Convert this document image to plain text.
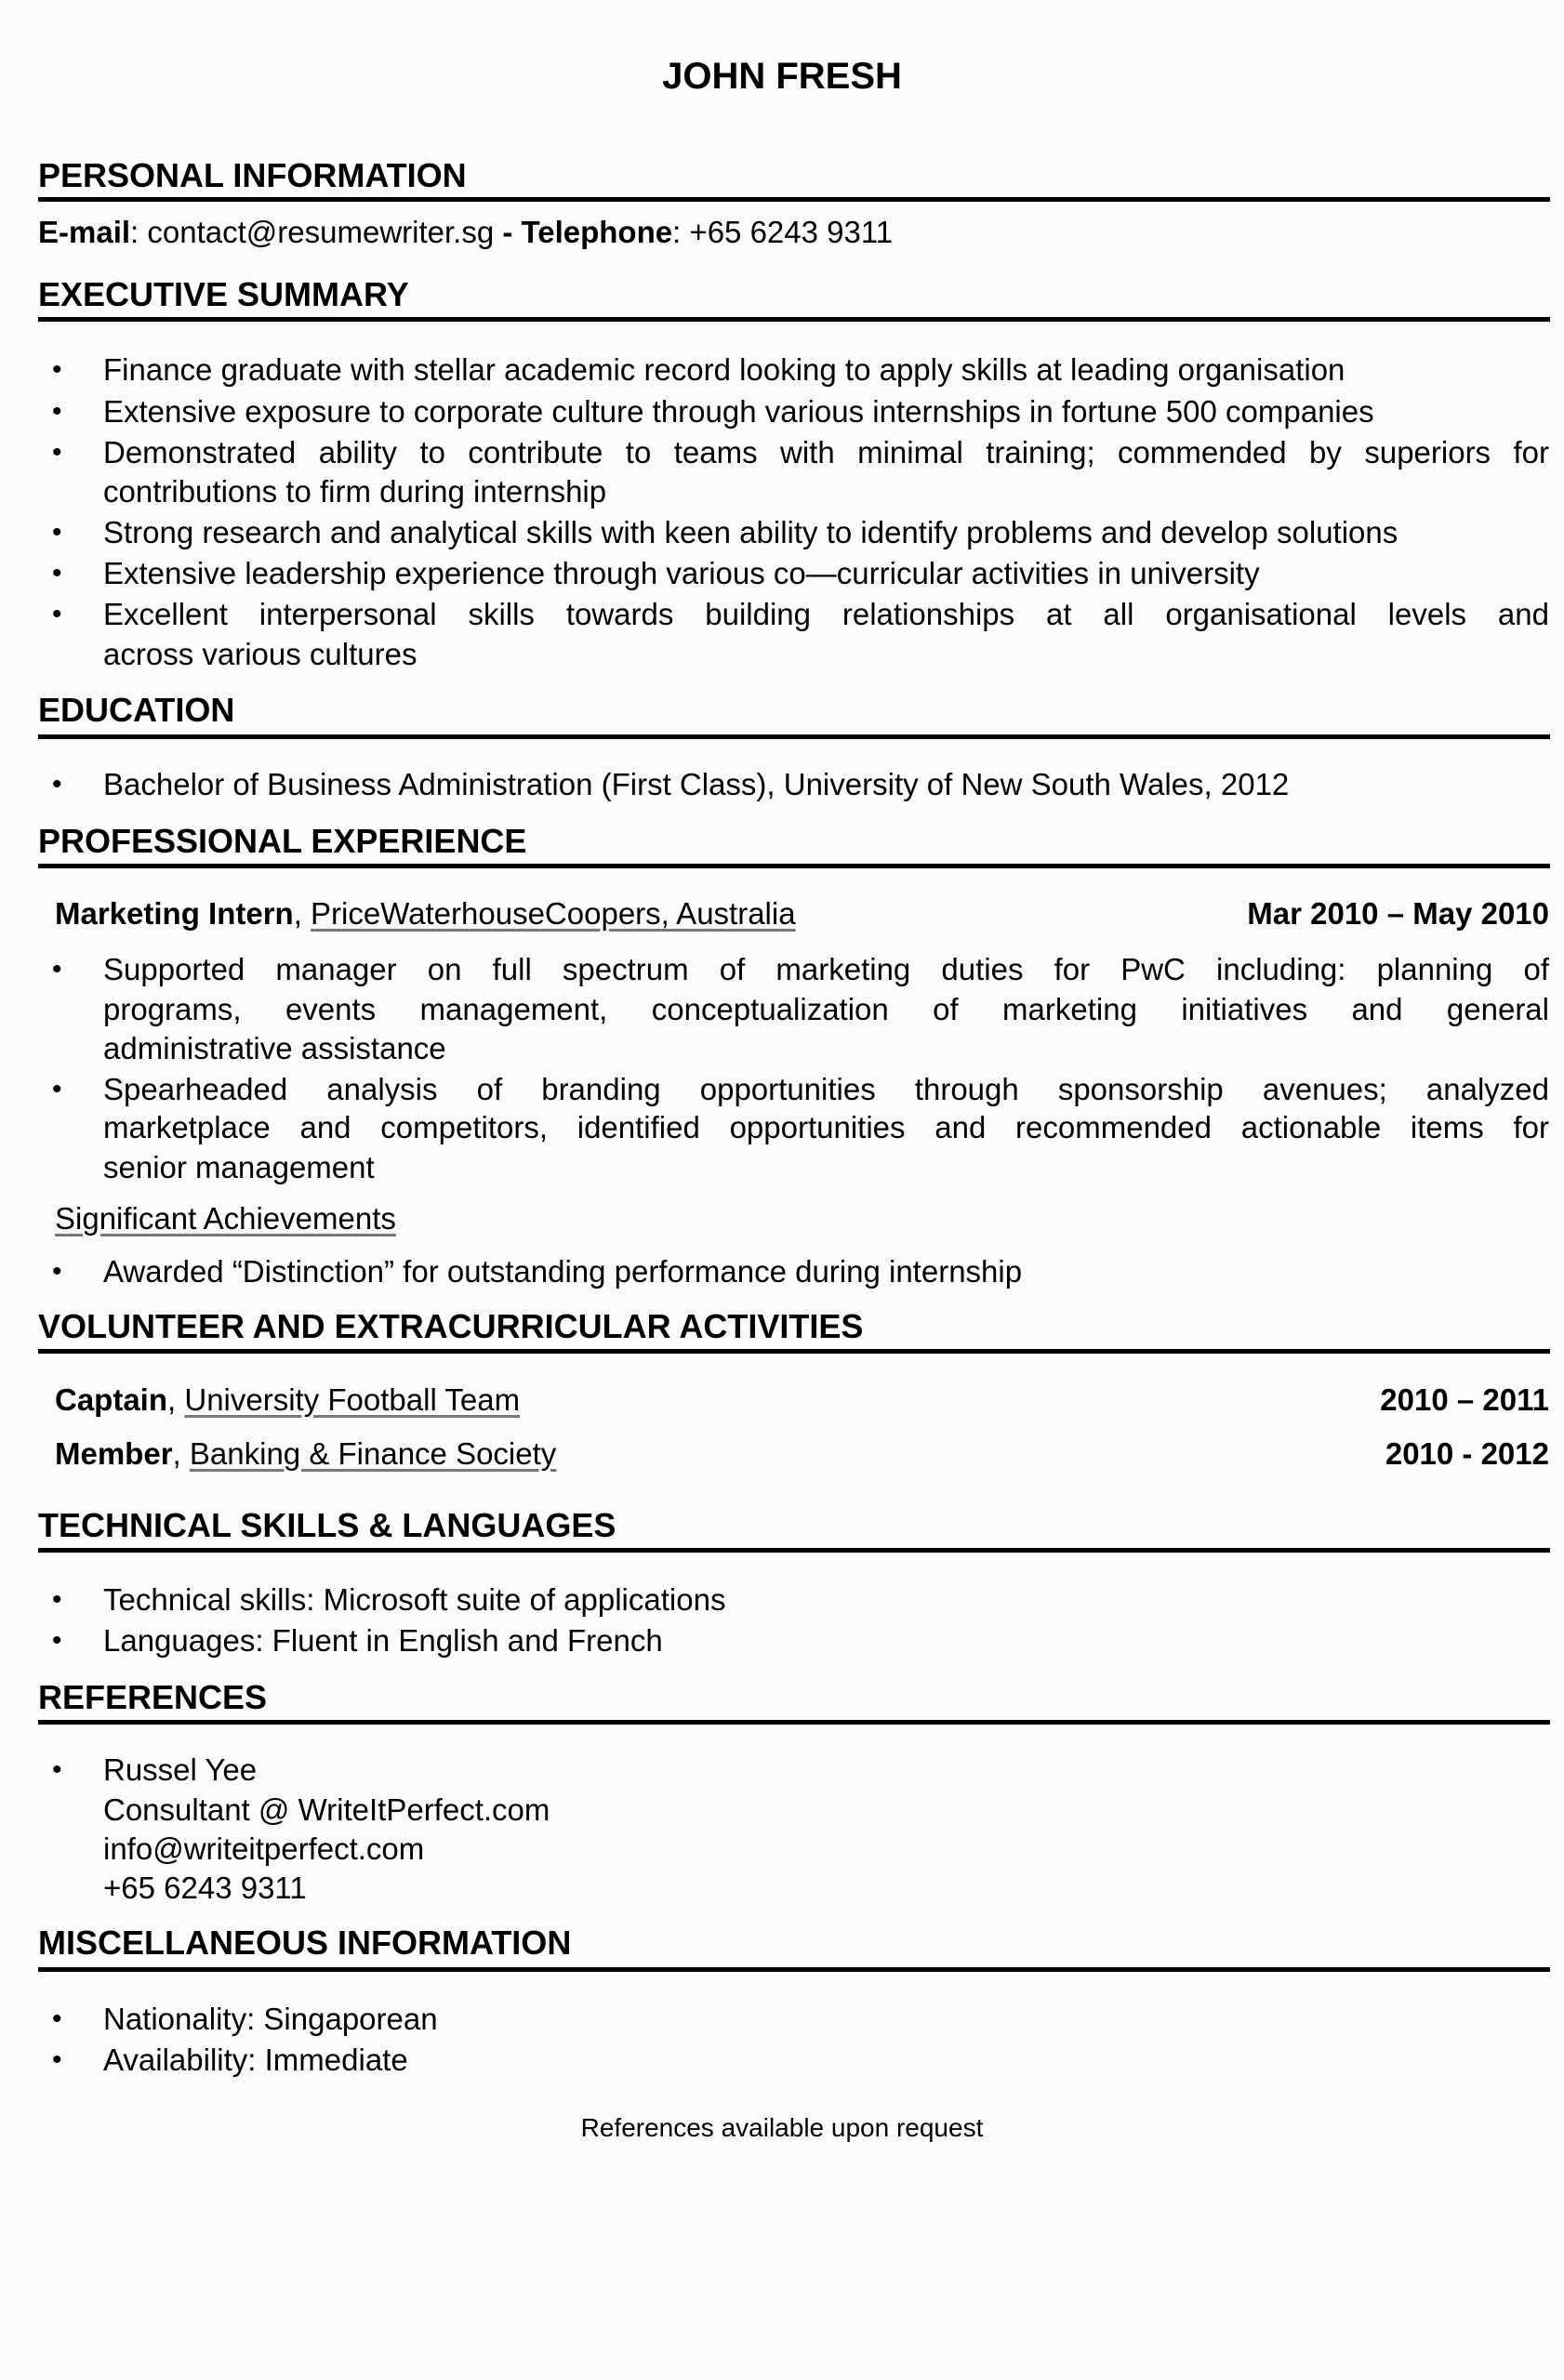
JOHN FRESH
PERSONAL INFORMATION
E-mail: contact@resumewriter.sg - Telephone: +65 6243 9311
EXECUTIVE SUMMARY
• Finance graduate with stellar academic record looking to apply skills at leading organisation
• Extensive exposure to corporate culture through various internships in fortune 500 companies
• Demonstrated ability to contribute to teams with minimal training; commended by superiors for
contributions to firm during internship
• Strong research and analytical skills with keen ability to identify problems and develop solutions
• Extensive leadership experience through various co—curricular activities in university
• Excellent interpersonal skills towards building relationships at all organisational levels and
across various cultures
EDUCATION
• Bachelor of Business Administration (First Class), University of New South Wales, 2012
PROFESSIONAL EXPERIENCE
Marketing Intern, PriceWaterhouseCoopers, Australia	Mar 2010 – May 2010
• Supported manager on full spectrum of marketing duties for PwC including: planning of
programs, events management, conceptualization of marketing initiatives and general
administrative assistance
• Spearheaded analysis of branding opportunities through sponsorship avenues; analyzed
marketplace and competitors, identified opportunities and recommended actionable items for
senior management
Significant Achievements
• Awarded “Distinction” for outstanding performance during internship
VOLUNTEER AND EXTRACURRICULAR ACTIVITIES
Captain, University Football Team	2010 – 2011
Member, Banking & Finance Society	2010 - 2012
TECHNICAL SKILLS & LANGUAGES
• Technical skills: Microsoft suite of applications
• Languages: Fluent in English and French
REFERENCES
• Russel Yee
Consultant @ WriteItPerfect.com
info@writeitperfect.com
+65 6243 9311
MISCELLANEOUS INFORMATION
• Nationality: Singaporean
• Availability: Immediate
References available upon request
